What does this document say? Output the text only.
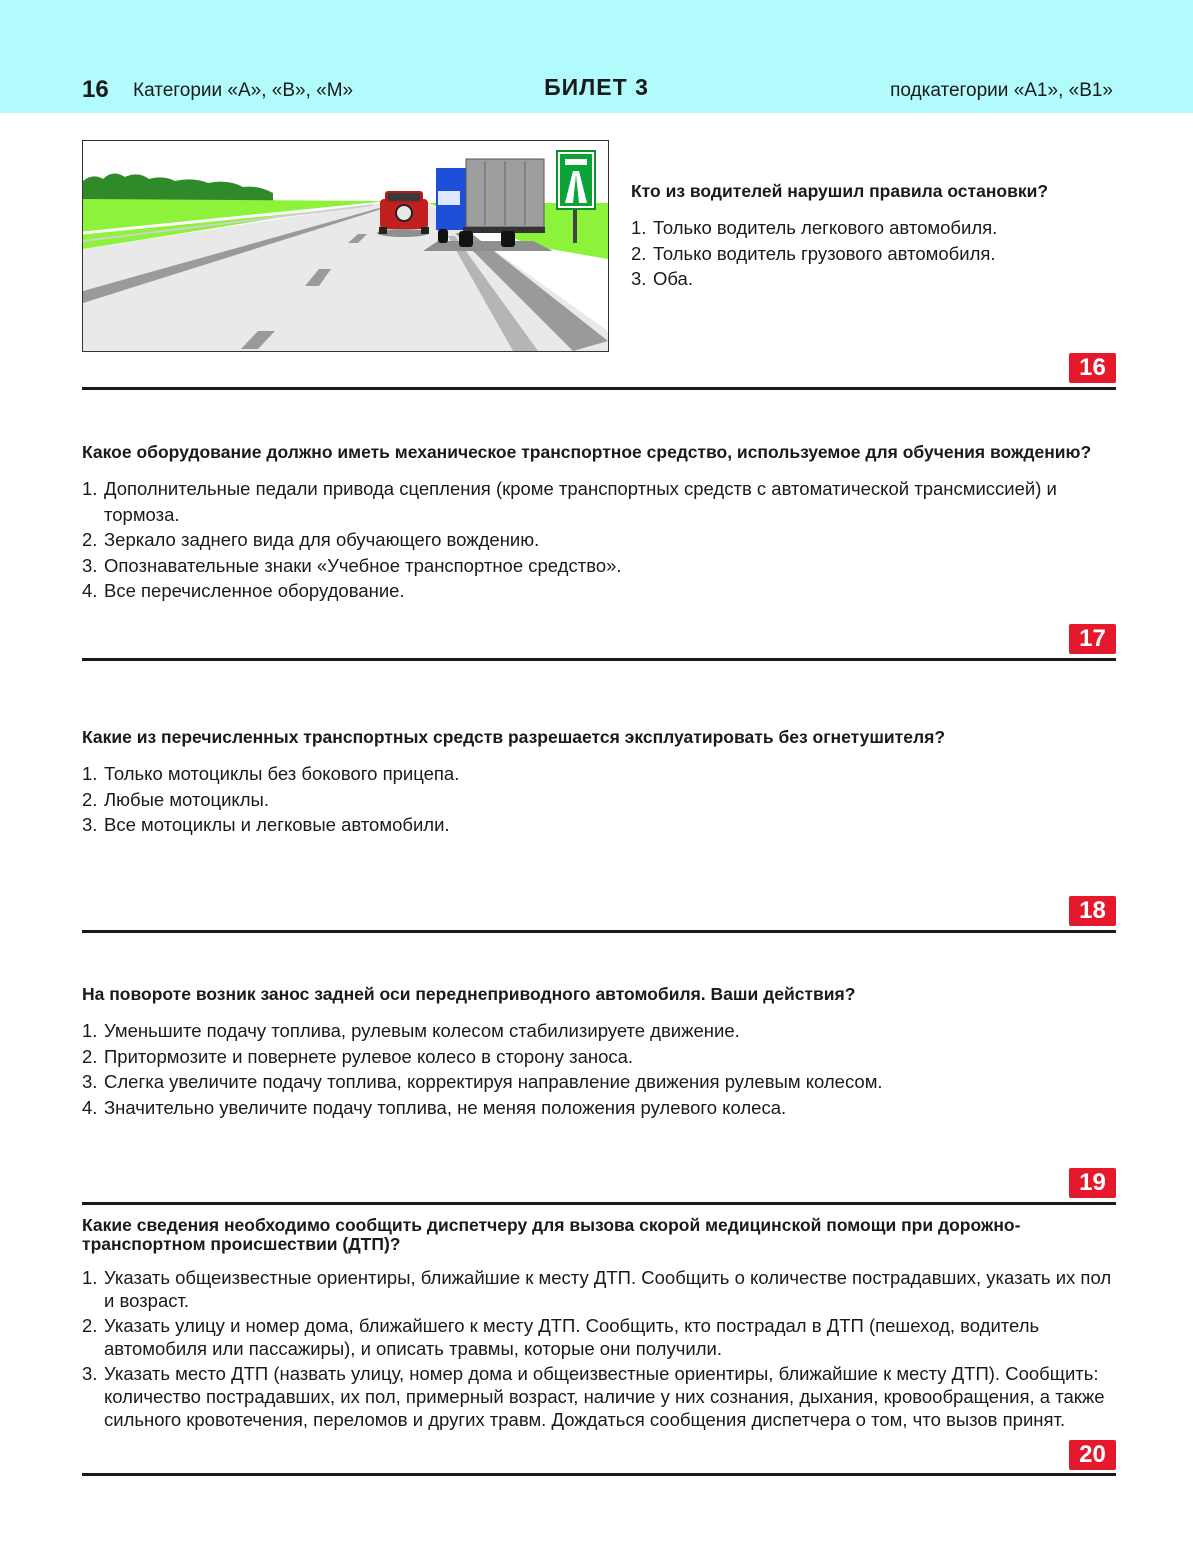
16 Категории «A», «B», «M»	БИЛЕТ 3	подкатегории «A1», «B1»

Кто из водителей нарушил правила остановки?

1. Только водитель легкового автомобиля.
2. Только водитель грузового автомобиля.
3. Оба.
16

Какое оборудование должно иметь механическое транспортное средство, используемое для обучения вождению?

1. Дополнительные педали привода сцепления (кроме транспортных средств с автоматической трансмиссией) и тормоза.
2. Зеркало заднего вида для обучающего вождению.
3. Опознавательные знаки «Учебное транспортное средство».
4. Все перечисленное оборудование.
17

Какие из перечисленных транспортных средств разрешается эксплуатировать без огнетушителя?

1. Только мотоциклы без бокового прицепа.
2. Любые мотоциклы.
3. Все мотоциклы и легковые автомобили.
18

На повороте возник занос задней оси переднеприводного автомобиля. Ваши действия?

1. Уменьшите подачу топлива, рулевым колесом стабилизируете движение.
2. Притормозите и повернете рулевое колесо в сторону заноса.
3. Слегка увеличите подачу топлива, корректируя направление движения рулевым колесом.
4. Значительно увеличите подачу топлива, не меняя положения рулевого колеса.
19

Какие сведения необходимо сообщить диспетчеру для вызова скорой медицинской помощи при дорожно-транспортном происшествии (ДТП)?

1. Указать общеизвестные ориентиры, ближайшие к месту ДТП. Сообщить о количестве пострадавших, указать их пол и возраст.
2. Указать улицу и номер дома, ближайшего к месту ДТП. Сообщить, кто пострадал в ДТП (пешеход, водитель автомобиля или пассажиры), и описать травмы, которые они получили.
3. Указать место ДТП (назвать улицу, номер дома и общеизвестные ориентиры, ближайшие к месту ДТП). Сообщить: количество пострадавших, их пол, примерный возраст, наличие у них сознания, дыхания, кровообращения, а также сильного кровотечения, переломов и других травм. Дождаться сообщения диспетчера о том, что вызов принят.
20
